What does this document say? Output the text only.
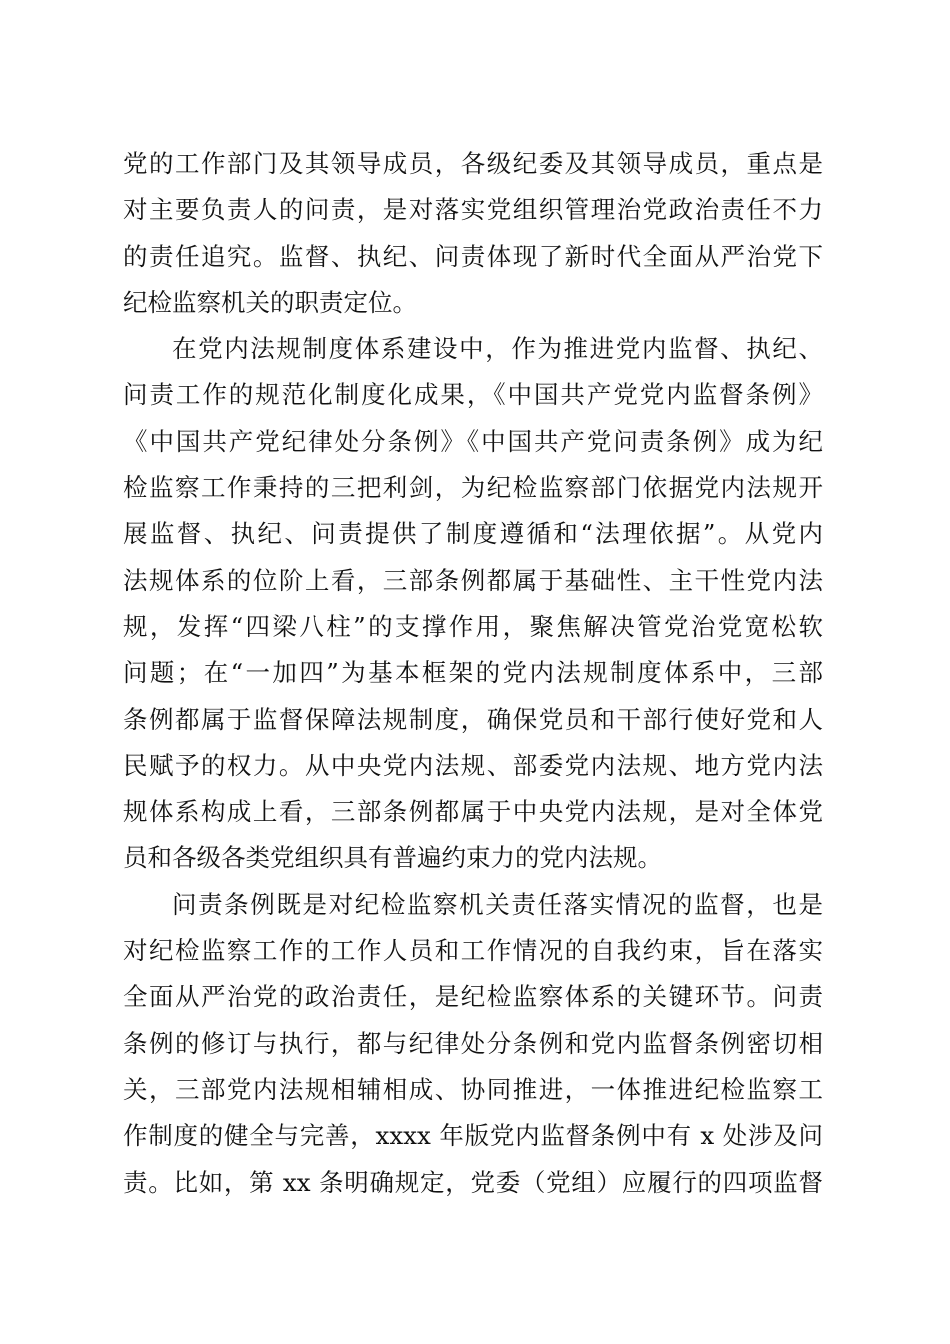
党的工作部门及其领导成员，各级纪委及其领导成员，重点是
对主要负责人的问责，是对落实党组织管理治党政治责任不力
的责任追究。监督、执纪、问责体现了新时代全面从严治党下
纪检监察机关的职责定位。
在党内法规制度体系建设中，作为推进党内监督、执纪、
问责工作的规范化制度化成果，《中国共产党党内监督条例》
《中国共产党纪律处分条例》《中国共产党问责条例》成为纪
检监察工作秉持的三把利剑，为纪检监察部门依据党内法规开
展监督、执纪、问责提供了制度遵循和“法理依据”。从党内
法规体系的位阶上看，三部条例都属于基础性、主干性党内法
规，发挥“四梁八柱”的支撑作用，聚焦解决管党治党宽松软
问题；在“一加四”为基本框架的党内法规制度体系中，三部
条例都属于监督保障法规制度，确保党员和干部行使好党和人
民赋予的权力。从中央党内法规、部委党内法规、地方党内法
规体系构成上看，三部条例都属于中央党内法规，是对全体党
员和各级各类党组织具有普遍约束力的党内法规。
问责条例既是对纪检监察机关责任落实情况的监督，也是
对纪检监察工作的工作人员和工作情况的自我约束，旨在落实
全面从严治党的政治责任，是纪检监察体系的关键环节。问责
条例的修订与执行，都与纪律处分条例和党内监督条例密切相
关，三部党内法规相辅相成、协同推进，一体推进纪检监察工
作制度的健全与完善，xxxx 年版党内监督条例中有 x 处涉及问
责。比如，第 xx 条明确规定，党委（党组）应履行的四项监督
